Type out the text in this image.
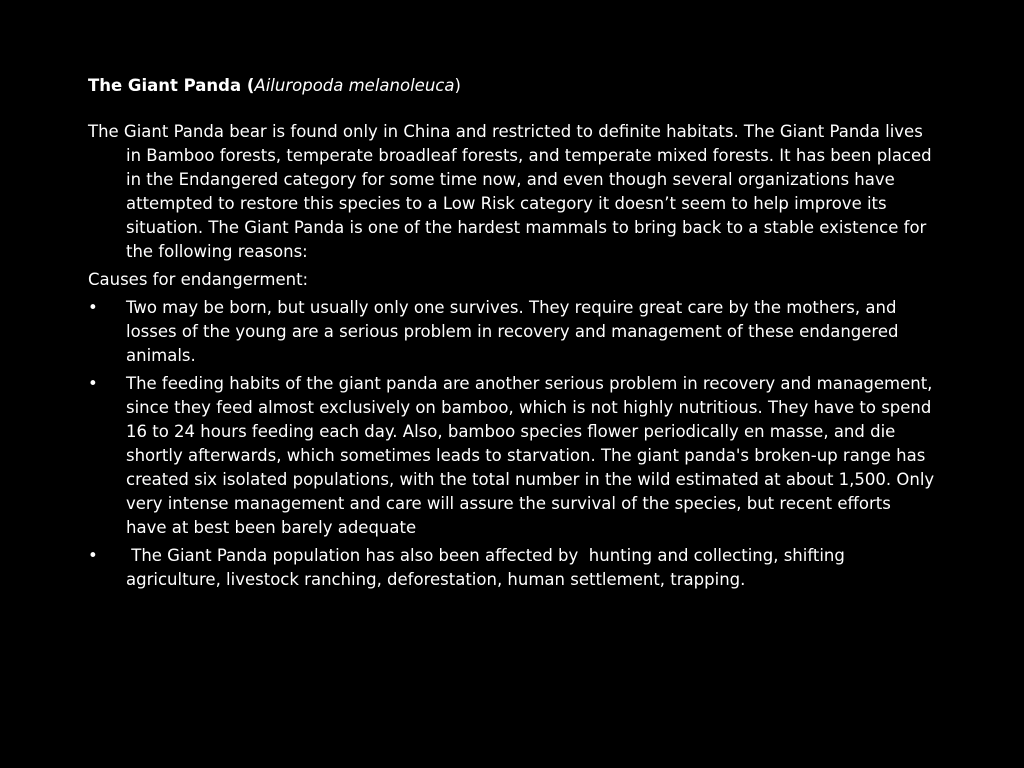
The Giant Panda (Ailuropoda melanoleuca)

The Giant Panda bear is found only in China and restricted to definite habitats. The Giant Panda lives in Bamboo forests, temperate broadleaf forests, and temperate mixed forests. It has been placed in the Endangered category for some time now, and even though several organizations have attempted to restore this species to a Low Risk category it doesn’t seem to help improve its situation. The Giant Panda is one of the hardest mammals to bring back to a stable existence for the following reasons:

Causes for endangerment:

• Two may be born, but usually only one survives. They require great care by the mothers, and losses of the young are a serious problem in recovery and management of these endangered animals.
• The feeding habits of the giant panda are another serious problem in recovery and management, since they feed almost exclusively on bamboo, which is not highly nutritious. They have to spend 16 to 24 hours feeding each day. Also, bamboo species flower periodically en masse, and die shortly afterwards, which sometimes leads to starvation. The giant panda's broken-up range has created six isolated populations, with the total number in the wild estimated at about 1,500. Only very intense management and care will assure the survival of the species, but recent efforts have at best been barely adequate
• The Giant Panda population has also been affected by  hunting and collecting, shifting agriculture, livestock ranching, deforestation, human settlement, trapping.
